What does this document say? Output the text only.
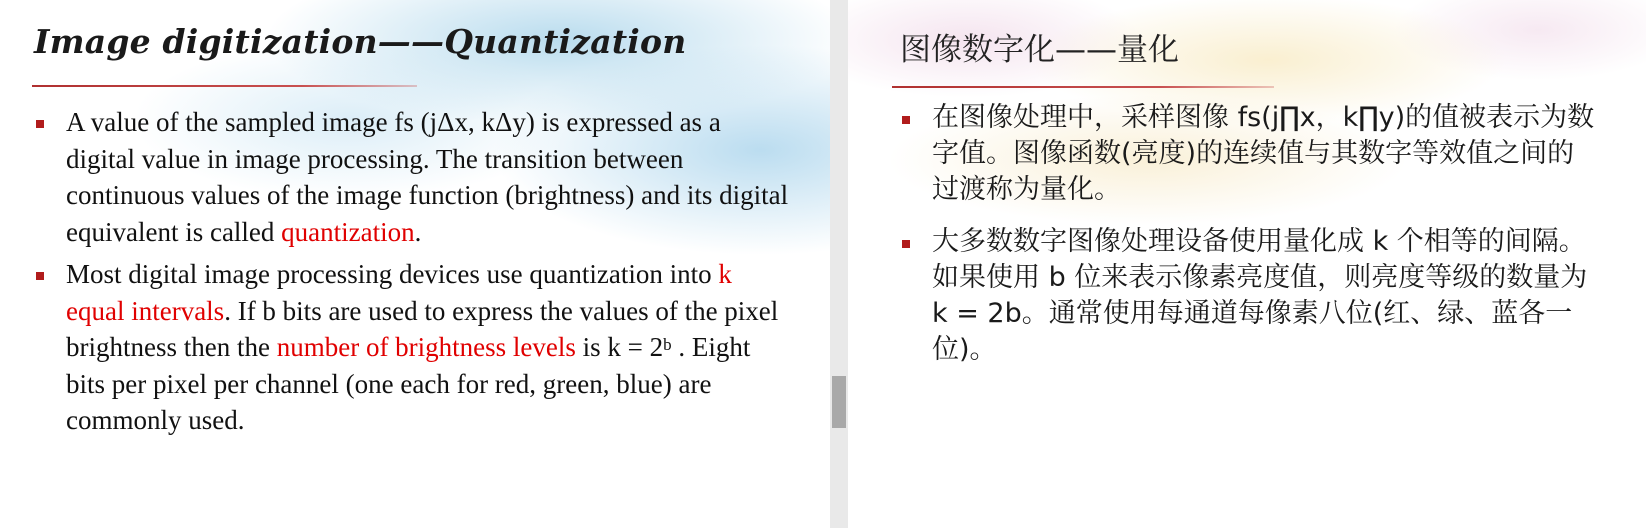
Image digitization——Quantization
A value of the sampled image fs (jΔx, kΔy) is expressed as a digital value in image processing. The transition between continuous values of the image function (brightness) and its digital equivalent is called quantization.
Most digital image processing devices use quantization into k equal intervals. If b bits are used to express the values of the pixel brightness then the number of brightness levels is $k = 2^b$ . Eight bits per pixel per channel (one each for red, green, blue) are commonly used.
图像数字化——量化
在图像处理中，采样图像 fs(j∏x，k∏y)的值被表示为数字值。图像函数(亮度)的连续值与其数字等效值之间的过渡称为量化。
大多数数字图像处理设备使用量化成 k 个相等的间隔。如果使用 b 位来表示像素亮度值，则亮度等级的数量为 k = 2b。通常使用每通道每像素八位(红、绿、蓝各一位)。
